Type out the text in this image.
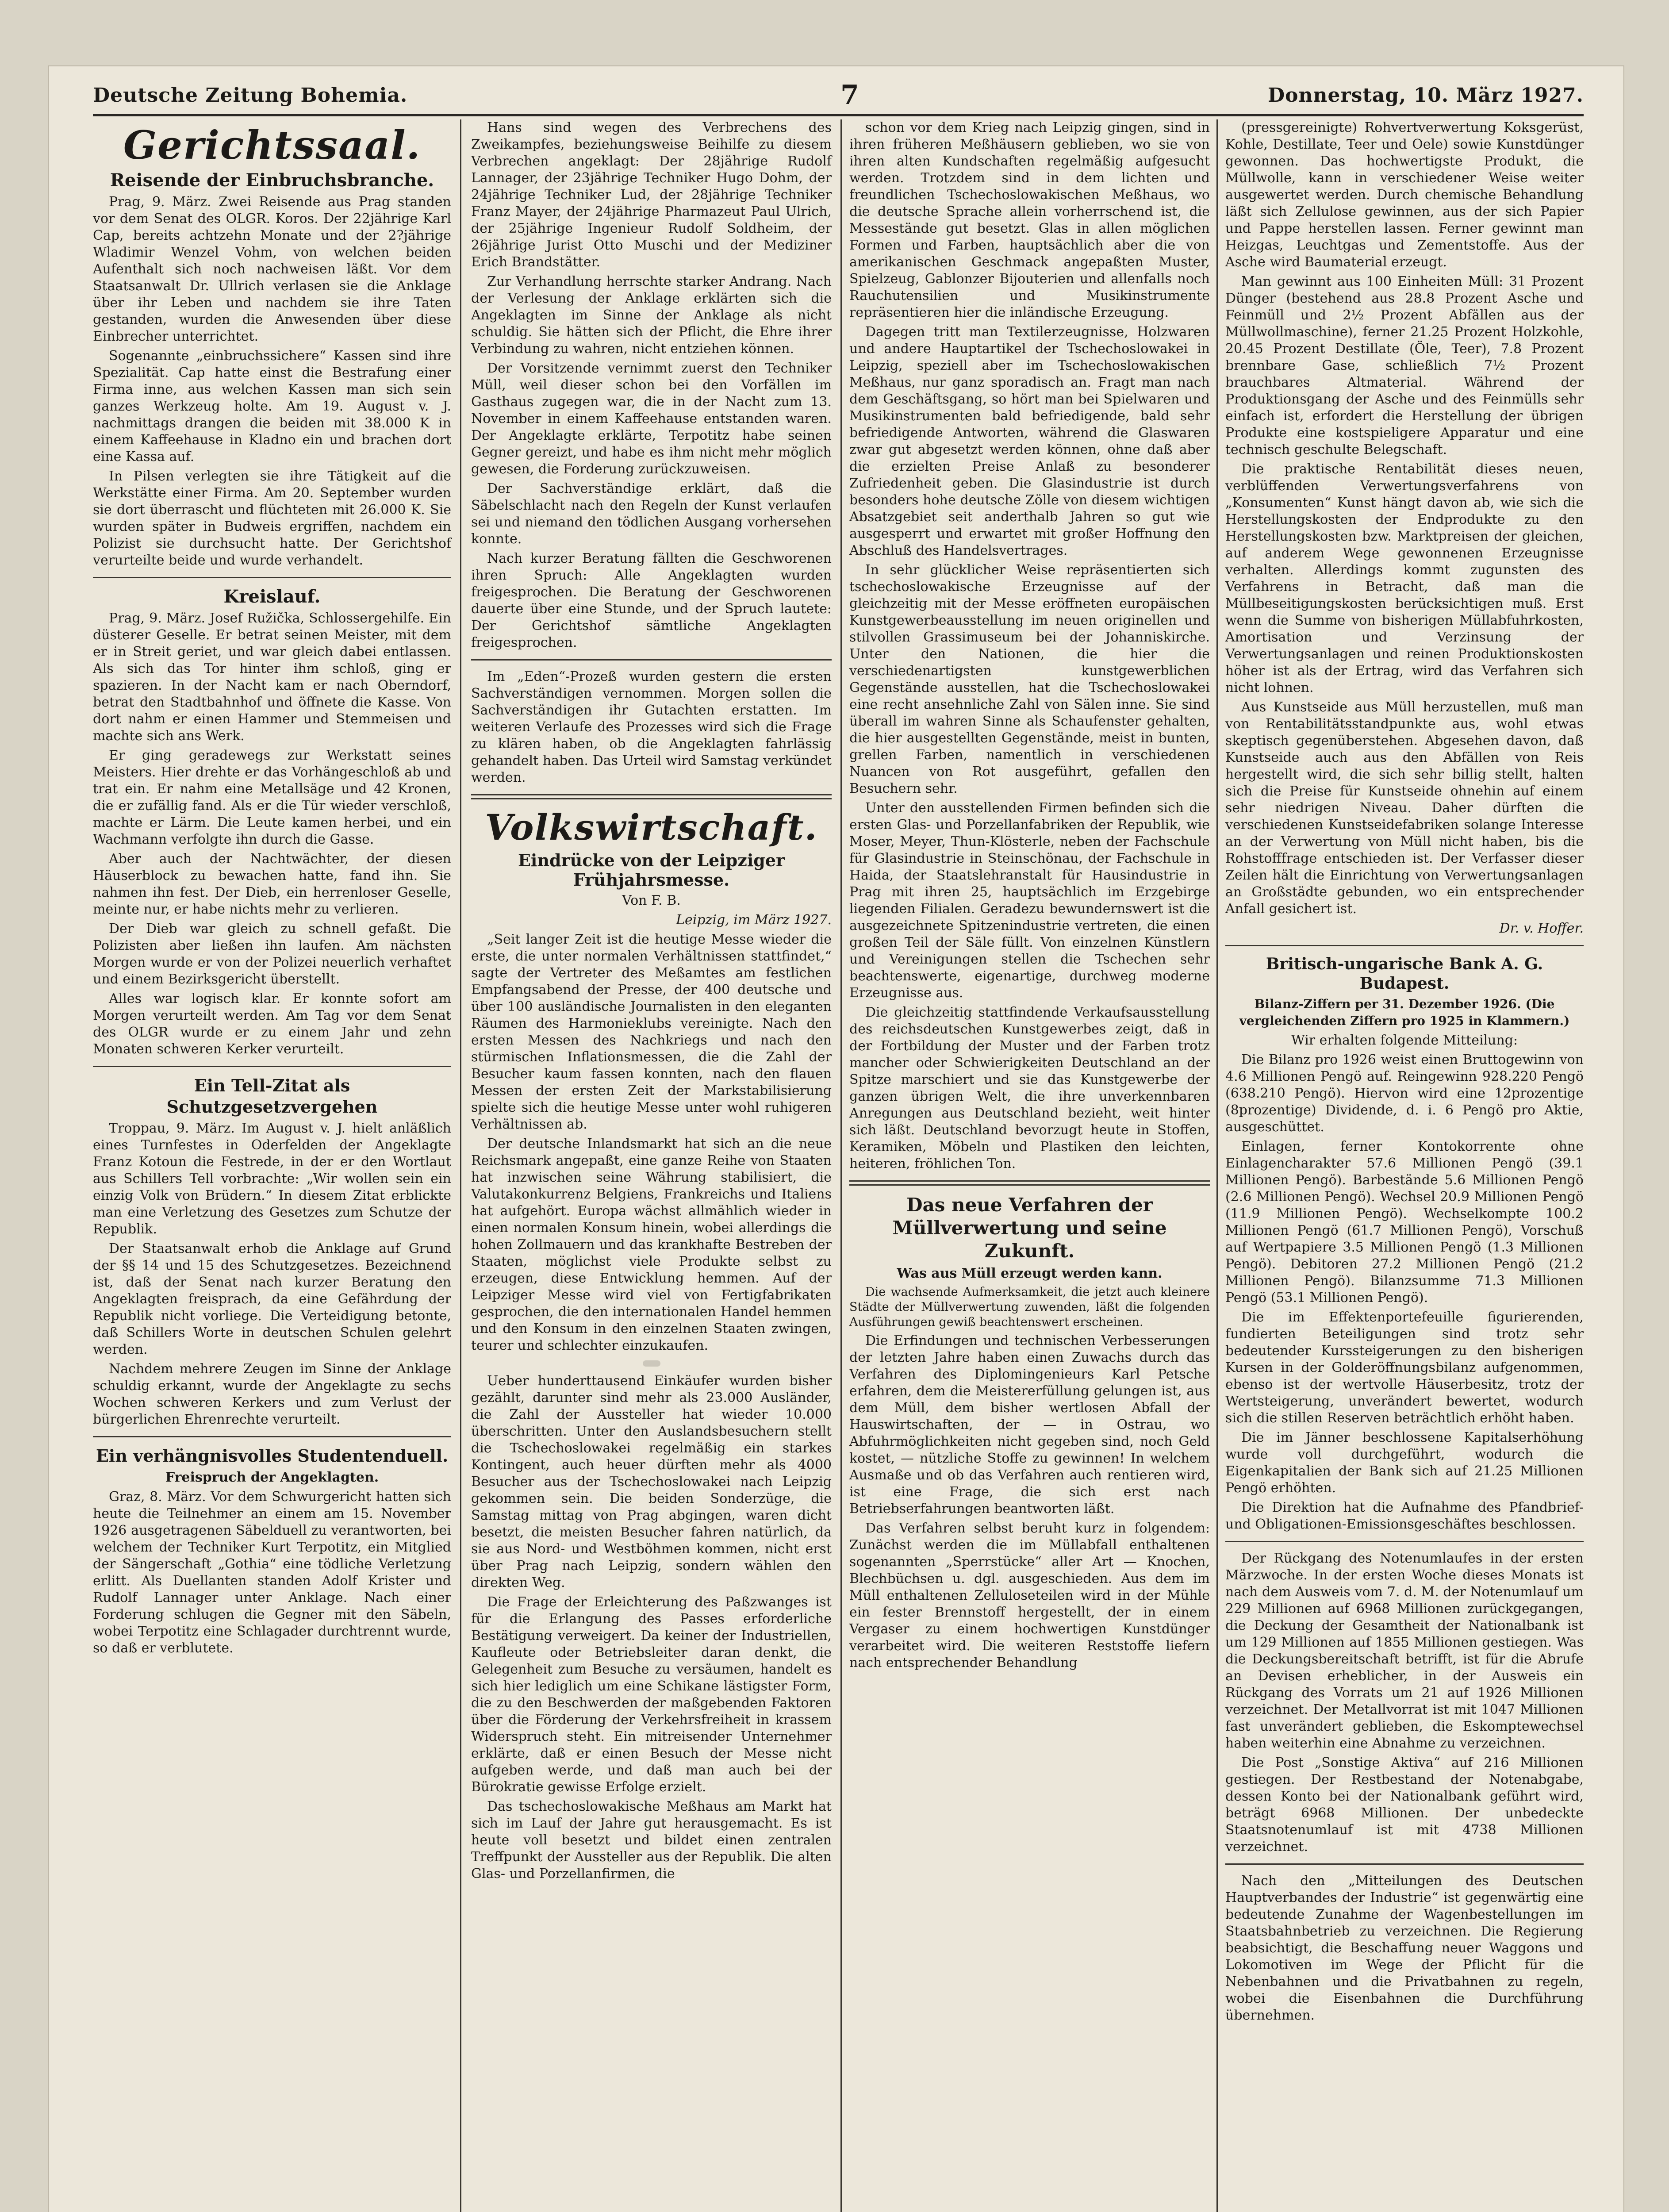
Deutsche Zeitung Bohemia.	7	Donnerstag, 10. März 1927.
Gerichtssaal.
Reisende der Einbruchsbranche.

Prag, 9. März. Zwei Reisende aus Prag standen vor dem Senat des OLGR. Koros. Der 22jährige Karl Cap, bereits achtzehn Monate und der 2?jährige Wladimir Wenzel Vohm, von welchen beiden Aufenthalt sich noch nachweisen läßt. Vor dem Staatsanwalt Dr. Ullrich verlasen sie die Anklage über ihr Leben und nachdem sie ihre Taten gestanden, wurden die Anwesenden über diese Einbrecher unterrichtet.

Sogenannte „einbruchssichere“ Kassen sind ihre Spezialität. Cap hatte einst die Bestrafung einer Firma inne, aus welchen Kassen man sich sein ganzes Werkzeug holte. Am 19. August v. J. nachmittags drangen die beiden mit 38.000 K in einem Kaffeehause in Kladno ein und brachen dort eine Kassa auf.

In Pilsen verlegten sie ihre Tätigkeit auf die Werkstätte einer Firma. Am 20. September wurden sie dort überrascht und flüchteten mit 26.000 K. Sie wurden später in Budweis ergriffen, nachdem ein Polizist sie durchsucht hatte. Der Gerichtshof verurteilte beide und wurde verhandelt.

Kreislauf.

Prag, 9. März. Josef Ružička, Schlossergehilfe. Ein düsterer Geselle. Er betrat seinen Meister, mit dem er in Streit geriet, und war gleich dabei entlassen. Als sich das Tor hinter ihm schloß, ging er spazieren. In der Nacht kam er nach Oberndorf, betrat den Stadtbahnhof und öffnete die Kasse. Von dort nahm er einen Hammer und Stemmeisen und machte sich ans Werk.

Er ging geradewegs zur Werkstatt seines Meisters. Hier drehte er das Vorhängeschloß ab und trat ein. Er nahm eine Metallsäge und 42 Kronen, die er zufällig fand. Als er die Tür wieder verschloß, machte er Lärm. Die Leute kamen herbei, und ein Wachmann verfolgte ihn durch die Gasse.

Aber auch der Nachtwächter, der diesen Häuserblock zu bewachen hatte, fand ihn. Sie nahmen ihn fest. Der Dieb, ein herrenloser Geselle, meinte nur, er habe nichts mehr zu verlieren.

Der Dieb war gleich zu schnell gefaßt. Die Polizisten aber ließen ihn laufen. Am nächsten Morgen wurde er von der Polizei neuerlich verhaftet und einem Bezirksgericht überstellt.

Alles war logisch klar. Er konnte sofort am Morgen verurteilt werden. Am Tag vor dem Senat des OLGR wurde er zu einem Jahr und zehn Monaten schweren Kerker verurteilt.

Ein Tell-Zitat als Schutzgesetzvergehen

Troppau, 9. März. Im August v. J. hielt anläßlich eines Turnfestes in Oderfelden der Angeklagte Franz Kotoun die Festrede, in der er den Wortlaut aus Schillers Tell vorbrachte: „Wir wollen sein ein einzig Volk von Brüdern.“ In diesem Zitat erblickte man eine Verletzung des Gesetzes zum Schutze der Republik.

Der Staatsanwalt erhob die Anklage auf Grund der §§ 14 und 15 des Schutzgesetzes. Bezeichnend ist, daß der Senat nach kurzer Beratung den Angeklagten freisprach, da eine Gefährdung der Republik nicht vorliege. Die Verteidigung betonte, daß Schillers Worte in deutschen Schulen gelehrt werden.

Nachdem mehrere Zeugen im Sinne der Anklage schuldig erkannt, wurde der Angeklagte zu sechs Wochen schweren Kerkers und zum Verlust der bürgerlichen Ehrenrechte verurteilt.

Ein verhängnisvolles Studentenduell.
Freispruch der Angeklagten.

Graz, 8. März. Vor dem Schwurgericht hatten sich heute die Teilnehmer an einem am 15. November 1926 ausgetragenen Säbelduell zu verantworten, bei welchem der Techniker Kurt Terpotitz, ein Mitglied der Sängerschaft „Gothia“ eine tödliche Verletzung erlitt. Als Duellanten standen Adolf Krister und Rudolf Lannager unter Anklage. Nach einer Forderung schlugen die Gegner mit den Säbeln, wobei Terpotitz eine Schlagader durchtrennt wurde, so daß er verblutete.

Hans sind wegen des Verbrechens des Zweikampfes, beziehungsweise Beihilfe zu diesem Verbrechen angeklagt: Der 28jährige Rudolf Lannager, der 23jährige Techniker Hugo Dohm, der 24jährige Techniker Lud, der 28jährige Techniker Franz Mayer, der 24jährige Pharmazeut Paul Ulrich, der 25jährige Ingenieur Rudolf Soldheim, der 26jährige Jurist Otto Muschi und der Mediziner Erich Brandstätter.

Zur Verhandlung herrschte starker Andrang. Nach der Verlesung der Anklage erklärten sich die Angeklagten im Sinne der Anklage als nicht schuldig. Sie hätten sich der Pflicht, die Ehre ihrer Verbindung zu wahren, nicht entziehen können.

Der Vorsitzende vernimmt zuerst den Techniker Müll, weil dieser schon bei den Vorfällen im Gasthaus zugegen war, die in der Nacht zum 13. November in einem Kaffeehause entstanden waren. Der Angeklagte erklärte, Terpotitz habe seinen Gegner gereizt, und habe es ihm nicht mehr möglich gewesen, die Forderung zurückzuweisen.

Der Sachverständige erklärt, daß die Säbelschlacht nach den Regeln der Kunst verlaufen sei und niemand den tödlichen Ausgang vorhersehen konnte.

Nach kurzer Beratung fällten die Geschworenen ihren Spruch: Alle Angeklagten wurden freigesprochen. Die Beratung der Geschworenen dauerte über eine Stunde, und der Spruch lautete: Der Gerichtshof sämtliche Angeklagten freigesprochen.

Im „Eden“-Prozeß wurden gestern die ersten Sachverständigen vernommen. Morgen sollen die Sachverständigen ihr Gutachten erstatten. Im weiteren Verlaufe des Prozesses wird sich die Frage zu klären haben, ob die Angeklagten fahrlässig gehandelt haben. Das Urteil wird Samstag verkündet werden.

Volkswirtschaft.
Eindrücke von der Leipziger Frühjahrsmesse.

Von F. B.

Leipzig, im März 1927.

„Seit langer Zeit ist die heutige Messe wieder die erste, die unter normalen Verhältnissen stattfindet,“ sagte der Vertreter des Meßamtes am festlichen Empfangsabend der Presse, der 400 deutsche und über 100 ausländische Journalisten in den eleganten Räumen des Harmonieklubs vereinigte. Nach den ersten Messen des Nachkriegs und nach den stürmischen Inflationsmessen, die die Zahl der Besucher kaum fassen konnten, nach den flauen Messen der ersten Zeit der Markstabilisierung spielte sich die heutige Messe unter wohl ruhigeren Verhältnissen ab.

Der deutsche Inlandsmarkt hat sich an die neue Reichsmark angepaßt, eine ganze Reihe von Staaten hat inzwischen seine Währung stabilisiert, die Valutakonkurrenz Belgiens, Frankreichs und Italiens hat aufgehört. Europa wächst allmählich wieder in einen normalen Konsum hinein, wobei allerdings die hohen Zollmauern und das krankhafte Bestreben der Staaten, möglichst viele Produkte selbst zu erzeugen, diese Entwicklung hemmen. Auf der Leipziger Messe wird viel von Fertigfabrikaten gesprochen, die den internationalen Handel hemmen und den Konsum in den einzelnen Staaten zwingen, teurer und schlechter einzukaufen.

Ueber hunderttausend Einkäufer wurden bisher gezählt, darunter sind mehr als 23.000 Ausländer, die Zahl der Aussteller hat wieder 10.000 überschritten. Unter den Auslandsbesuchern stellt die Tschechoslowakei regelmäßig ein starkes Kontingent, auch heuer dürften mehr als 4000 Besucher aus der Tschechoslowakei nach Leipzig gekommen sein. Die beiden Sonderzüge, die Samstag mittag von Prag abgingen, waren dicht besetzt, die meisten Besucher fahren natürlich, da sie aus Nord- und Westböhmen kommen, nicht erst über Prag nach Leipzig, sondern wählen den direkten Weg.

Die Frage der Erleichterung des Paßzwanges ist für die Erlangung des Passes erforderliche Bestätigung verweigert. Da keiner der Industriellen, Kaufleute oder Betriebsleiter daran denkt, die Gelegenheit zum Besuche zu versäumen, handelt es sich hier lediglich um eine Schikane lästigster Form, die zu den Beschwerden der maßgebenden Faktoren über die Förderung der Verkehrsfreiheit in krassem Widerspruch steht. Ein mitreisender Unternehmer erklärte, daß er einen Besuch der Messe nicht aufgeben werde, und daß man auch bei der Bürokratie gewisse Erfolge erzielt.

Das tschechoslowakische Meßhaus am Markt hat sich im Lauf der Jahre gut herausgemacht. Es ist heute voll besetzt und bildet einen zentralen Treffpunkt der Aussteller aus der Republik. Die alten Glas- und Porzellanfirmen, die

schon vor dem Krieg nach Leipzig gingen, sind in ihren früheren Meßhäusern geblieben, wo sie von ihren alten Kundschaften regelmäßig aufgesucht werden. Trotzdem sind in dem lichten und freundlichen Tschechoslowakischen Meßhaus, wo die deutsche Sprache allein vorherrschend ist, die Messestände gut besetzt. Glas in allen möglichen Formen und Farben, hauptsächlich aber die von amerikanischen Geschmack angepaßten Muster, Spielzeug, Gablonzer Bijouterien und allenfalls noch Rauchutensilien und Musikinstrumente repräsentieren hier die inländische Erzeugung.

Dagegen tritt man Textilerzeugnisse, Holzwaren und andere Hauptartikel der Tschechoslowakei in Leipzig, speziell aber im Tschechoslowakischen Meßhaus, nur ganz sporadisch an. Fragt man nach dem Geschäftsgang, so hört man bei Spielwaren und Musikinstrumenten bald befriedigende, bald sehr befriedigende Antworten, während die Glaswaren zwar gut abgesetzt werden können, ohne daß aber die erzielten Preise Anlaß zu besonderer Zufriedenheit geben. Die Glasindustrie ist durch besonders hohe deutsche Zölle von diesem wichtigen Absatzgebiet seit anderthalb Jahren so gut wie ausgesperrt und erwartet mit großer Hoffnung den Abschluß des Handelsvertrages.

In sehr glücklicher Weise repräsentierten sich tschechoslowakische Erzeugnisse auf der gleichzeitig mit der Messe eröffneten europäischen Kunstgewerbeausstellung im neuen originellen und stilvollen Grassimuseum bei der Johanniskirche. Unter den Nationen, die hier die verschiedenartigsten kunstgewerblichen Gegenstände ausstellen, hat die Tschechoslowakei eine recht ansehnliche Zahl von Sälen inne. Sie sind überall im wahren Sinne als Schaufenster gehalten, die hier ausgestellten Gegenstände, meist in bunten, grellen Farben, namentlich in verschiedenen Nuancen von Rot ausgeführt, gefallen den Besuchern sehr.

Unter den ausstellenden Firmen befinden sich die ersten Glas- und Porzellanfabriken der Republik, wie Moser, Meyer, Thun-Klösterle, neben der Fachschule für Glasindustrie in Steinschönau, der Fachschule in Haida, der Staatslehranstalt für Hausindustrie in Prag mit ihren 25, hauptsächlich im Erzgebirge liegenden Filialen. Geradezu bewundernswert ist die ausgezeichnete Spitzenindustrie vertreten, die einen großen Teil der Säle füllt. Von einzelnen Künstlern und Vereinigungen stellen die Tschechen sehr beachtenswerte, eigenartige, durchweg moderne Erzeugnisse aus.

Die gleichzeitig stattfindende Verkaufsausstellung des reichsdeutschen Kunstgewerbes zeigt, daß in der Fortbildung der Muster und der Farben trotz mancher oder Schwierigkeiten Deutschland an der Spitze marschiert und sie das Kunstgewerbe der ganzen übrigen Welt, die ihre unverkennbaren Anregungen aus Deutschland bezieht, weit hinter sich läßt. Deutschland bevorzugt heute in Stoffen, Keramiken, Möbeln und Plastiken den leichten, heiteren, fröhlichen Ton.

Das neue Verfahren der Müllverwertung und seine Zukunft.
Was aus Müll erzeugt werden kann.

Die wachsende Aufmerksamkeit, die jetzt auch kleinere Städte der Müllverwertung zuwenden, läßt die folgenden Ausführungen gewiß beachtenswert erscheinen.

Die Erfindungen und technischen Verbesserungen der letzten Jahre haben einen Zuwachs durch das Verfahren des Diplomingenieurs Karl Petsche erfahren, dem die Meistererfüllung gelungen ist, aus dem Müll, dem bisher wertlosen Abfall der Hauswirtschaften, der — in Ostrau, wo Abfuhrmöglichkeiten nicht gegeben sind, noch Geld kostet, — nützliche Stoffe zu gewinnen! In welchem Ausmaße und ob das Verfahren auch rentieren wird, ist eine Frage, die sich erst nach Betriebserfahrungen beantworten läßt.

Das Verfahren selbst beruht kurz in folgendem: Zunächst werden die im Müllabfall enthaltenen sogenannten „Sperrstücke“ aller Art — Knochen, Blechbüchsen u. dgl. ausgeschieden. Aus dem im Müll enthaltenen Zelluloseteilen wird in der Mühle ein fester Brennstoff hergestellt, der in einem Vergaser zu einem hochwertigen Kunstdünger verarbeitet wird. Die weiteren Reststoffe liefern nach entsprechender Behandlung

(pressgereinigte) Rohvertverwertung Koksgerüst, Kohle, Destillate, Teer und Oele) sowie Kunstdünger gewonnen. Das hochwertigste Produkt, die Müllwolle, kann in verschiedener Weise weiter ausgewertet werden. Durch chemische Behandlung läßt sich Zellulose gewinnen, aus der sich Papier und Pappe herstellen lassen. Ferner gewinnt man Heizgas, Leuchtgas und Zementstoffe. Aus der Asche wird Baumaterial erzeugt.

Man gewinnt aus 100 Einheiten Müll: 31 Prozent Dünger (bestehend aus 28.8 Prozent Asche und Feinmüll und 2½ Prozent Abfällen aus der Müllwollmaschine), ferner 21.25 Prozent Holzkohle, 20.45 Prozent Destillate (Öle, Teer), 7.8 Prozent brennbare Gase, schließlich 7½ Prozent brauchbares Altmaterial. Während der Produktionsgang der Asche und des Feinmülls sehr einfach ist, erfordert die Herstellung der übrigen Produkte eine kostspieligere Apparatur und eine technisch geschulte Belegschaft.

Die praktische Rentabilität dieses neuen, verblüffenden Verwertungsverfahrens von „Konsumenten“ Kunst hängt davon ab, wie sich die Herstellungskosten der Endprodukte zu den Herstellungskosten bzw. Marktpreisen der gleichen, auf anderem Wege gewonnenen Erzeugnisse verhalten. Allerdings kommt zugunsten des Verfahrens in Betracht, daß man die Müllbeseitigungskosten berücksichtigen muß. Erst wenn die Summe von bisherigen Müllabfuhrkosten, Amortisation und Verzinsung der Verwertungsanlagen und reinen Produktionskosten höher ist als der Ertrag, wird das Verfahren sich nicht lohnen.

Aus Kunstseide aus Müll herzustellen, muß man von Rentabilitätsstandpunkte aus, wohl etwas skeptisch gegenüberstehen. Abgesehen davon, daß Kunstseide auch aus den Abfällen von Reis hergestellt wird, die sich sehr billig stellt, halten sich die Preise für Kunstseide ohnehin auf einem sehr niedrigen Niveau. Daher dürften die verschiedenen Kunstseidefabriken solange Interesse an der Verwertung von Müll nicht haben, bis die Rohstofffrage entschieden ist. Der Verfasser dieser Zeilen hält die Einrichtung von Verwertungsanlagen an Großstädte gebunden, wo ein entsprechender Anfall gesichert ist.

Dr. v. Hoffer.

Britisch-ungarische Bank A. G. Budapest.
Bilanz-Ziffern per 31. Dezember 1926. (Die vergleichenden Ziffern pro 1925 in Klammern.)

Wir erhalten folgende Mitteilung:

Die Bilanz pro 1926 weist einen Bruttogewinn von 4.6 Millionen Pengö auf. Reingewinn 928.220 Pengö (638.210 Pengö). Hiervon wird eine 12prozentige (8prozentige) Dividende, d. i. 6 Pengö pro Aktie, ausgeschüttet.

Einlagen, ferner Kontokorrente ohne Einlagencharakter 57.6 Millionen Pengö (39.1 Millionen Pengö). Barbestände 5.6 Millionen Pengö (2.6 Millionen Pengö). Wechsel 20.9 Millionen Pengö (11.9 Millionen Pengö). Wechselkompte 100.2 Millionen Pengö (61.7 Millionen Pengö), Vorschuß auf Wertpapiere 3.5 Millionen Pengö (1.3 Millionen Pengö). Debitoren 27.2 Millionen Pengö (21.2 Millionen Pengö). Bilanzsumme 71.3 Millionen Pengö (53.1 Millionen Pengö).

Die im Effektenportefeuille figurierenden, fundierten Beteiligungen sind trotz sehr bedeutender Kurssteigerungen zu den bisherigen Kursen in der Golderöffnungsbilanz aufgenommen, ebenso ist der wertvolle Häuserbesitz, trotz der Wertsteigerung, unverändert bewertet, wodurch sich die stillen Reserven beträchtlich erhöht haben.

Die im Jänner beschlossene Kapitalserhöhung wurde voll durchgeführt, wodurch die Eigenkapitalien der Bank sich auf 21.25 Millionen Pengö erhöhten.

Die Direktion hat die Aufnahme des Pfandbrief- und Obligationen-Emissionsgeschäftes beschlossen.

Der Rückgang des Notenumlaufes in der ersten Märzwoche. In der ersten Woche dieses Monats ist nach dem Ausweis vom 7. d. M. der Notenumlauf um 229 Millionen auf 6968 Millionen zurückgegangen, die Deckung der Gesamtheit der Nationalbank ist um 129 Millionen auf 1855 Millionen gestiegen. Was die Deckungsbereitschaft betrifft, ist für die Abrufe an Devisen erheblicher, in der Ausweis ein Rückgang des Vorrats um 21 auf 1926 Millionen verzeichnet. Der Metallvorrat ist mit 1047 Millionen fast unverändert geblieben, die Eskomptewechsel haben weiterhin eine Abnahme zu verzeichnen.

Die Post „Sonstige Aktiva“ auf 216 Millionen gestiegen. Der Restbestand der Notenabgabe, dessen Konto bei der Nationalbank geführt wird, beträgt 6968 Millionen. Der unbedeckte Staatsnotenumlauf ist mit 4738 Millionen verzeichnet.

Nach den „Mitteilungen des Deutschen Hauptverbandes der Industrie“ ist gegenwärtig eine bedeutende Zunahme der Wagenbestellungen im Staatsbahnbetrieb zu verzeichnen. Die Regierung beabsichtigt, die Beschaffung neuer Waggons und Lokomotiven im Wege der Pflicht für die Nebenbahnen und die Privatbahnen zu regeln, wobei die Eisenbahnen die Durchführung übernehmen.
